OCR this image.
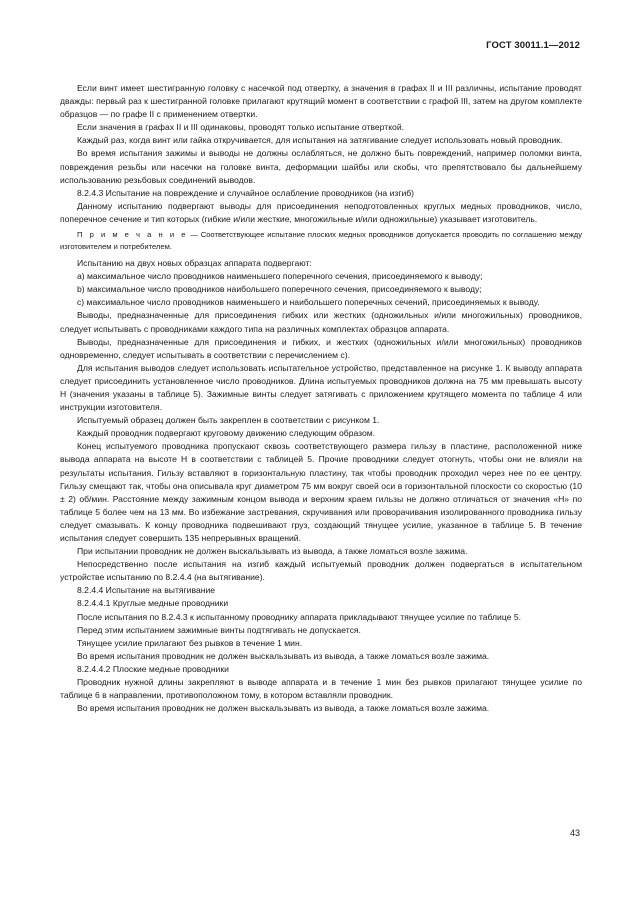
ГОСТ 30011.1—2012

Если винт имеет шестигранную головку с насечкой под отвертку, а значения в графах II и III различны, испытание проводят дважды: первый раз к шестигранной головке прилагают крутящий момент в соответствии с графой III, затем на другом комплекте образцов — по графе II с применением отвертки.

Если значения в графах II и III одинаковы, проводят только испытание отверткой.

Каждый раз, когда винт или гайка откручивается, для испытания на затягивание следует использовать новый проводник.

Во время испытания зажимы и выводы не должны ослабляться, не должно быть повреждений, например поломки винта, повреждения резьбы или насечки на головке винта, деформации шайбы или скобы, что препятствовало бы дальнейшему использованию резьбовых соединений выводов.

8.2.4.3 Испытание на повреждение и случайное ослабление проводников (на изгиб)

Данному испытанию подвергают выводы для присоединения неподготовленных круглых медных проводников, число, поперечное сечение и тип которых (гибкие и/или жесткие, многожильные и/или одножильные) указывает изготовитель.

П р и м е ч а н и е — Соответствующее испытание плоских медных проводников допускается проводить по соглашению между изготовителем и потребителем.

Испытанию на двух новых образцах аппарата подвергают:

a) максимальное число проводников наименьшего поперечного сечения, присоединяемого к выводу;

b) максимальное число проводников наибольшего поперечного сечения, присоединяемого к выводу;

c) максимальное число проводников наименьшего и наибольшего поперечных сечений, присоединяемых к выводу.

Выводы, предназначенные для присоединения гибких или жестких (одножильных и/или многожильных) проводников, следует испытывать с проводниками каждого типа на различных комплектах образцов аппарата.

Выводы, предназначенные для присоединения и гибких, и жестких (одножильных и/или многожильных) проводников одновременно, следует испытывать в соответствии с перечислением с).

Для испытания выводов следует использовать испытательное устройство, представленное на рисунке 1. К выводу аппарата следует присоединить установленное число проводников. Длина испытуемых проводников должна на 75 мм превышать высоту Н (значения указаны в таблице 5). Зажимные винты следует затягивать с приложением крутящего момента по таблице 4 или инструкции изготовителя.

Испытуемый образец должен быть закреплен в соответствии с рисунком 1.

Каждый проводник подвергают круговому движению следующим образом.

Конец испытуемого проводника пропускают сквозь соответствующего размера гильзу в пластине, расположенной ниже вывода аппарата на высоте Н в соответствии с таблицей 5. Прочие проводники следует отогнуть, чтобы они не влияли на результаты испытания. Гильзу вставляют в горизонтальную пластину, так чтобы проводник проходил через нее по ее центру. Гильзу смещают так, чтобы она описывала круг диаметром 75 мм вокруг своей оси в горизонтальной плоскости со скоростью (10 ± 2) об/мин. Расстояние между зажимным концом вывода и верхним краем гильзы не должно отличаться от значения «Н» по таблице 5 более чем на 13 мм. Во избежание застревания, скручивания или проворачивания изолированного проводника гильзу следует смазывать. К концу проводника подвешивают груз, создающий тянущее усилие, указанное в таблице 5. В течение испытания следует совершить 135 непрерывных вращений.

При испытании проводник не должен выскальзывать из вывода, а также ломаться возле зажима.

Непосредственно после испытания на изгиб каждый испытуемый проводник должен подвергаться в испытательном устройстве испытанию по 8.2.4.4 (на вытягивание).

8.2.4.4 Испытание на вытягивание

8.2.4.4.1 Круглые медные проводники

После испытания по 8.2.4.3 к испытанному проводнику аппарата прикладывают тянущее усилие по таблице 5.

Перед этим испытанием зажимные винты подтягивать не допускается.

Тянущее усилие прилагают без рывков в течение 1 мин.

Во время испытания проводник не должен выскальзывать из вывода, а также ломаться возле зажима.

8.2.4.4.2 Плоские медные проводники

Проводник нужной длины закрепляют в выводе аппарата и в течение 1 мин без рывков прилагают тянущее усилие по таблице 6 в направлении, противоположном тому, в котором вставляли проводник.

Во время испытания проводник не должен выскальзывать из вывода, а также ломаться возле зажима.

43
